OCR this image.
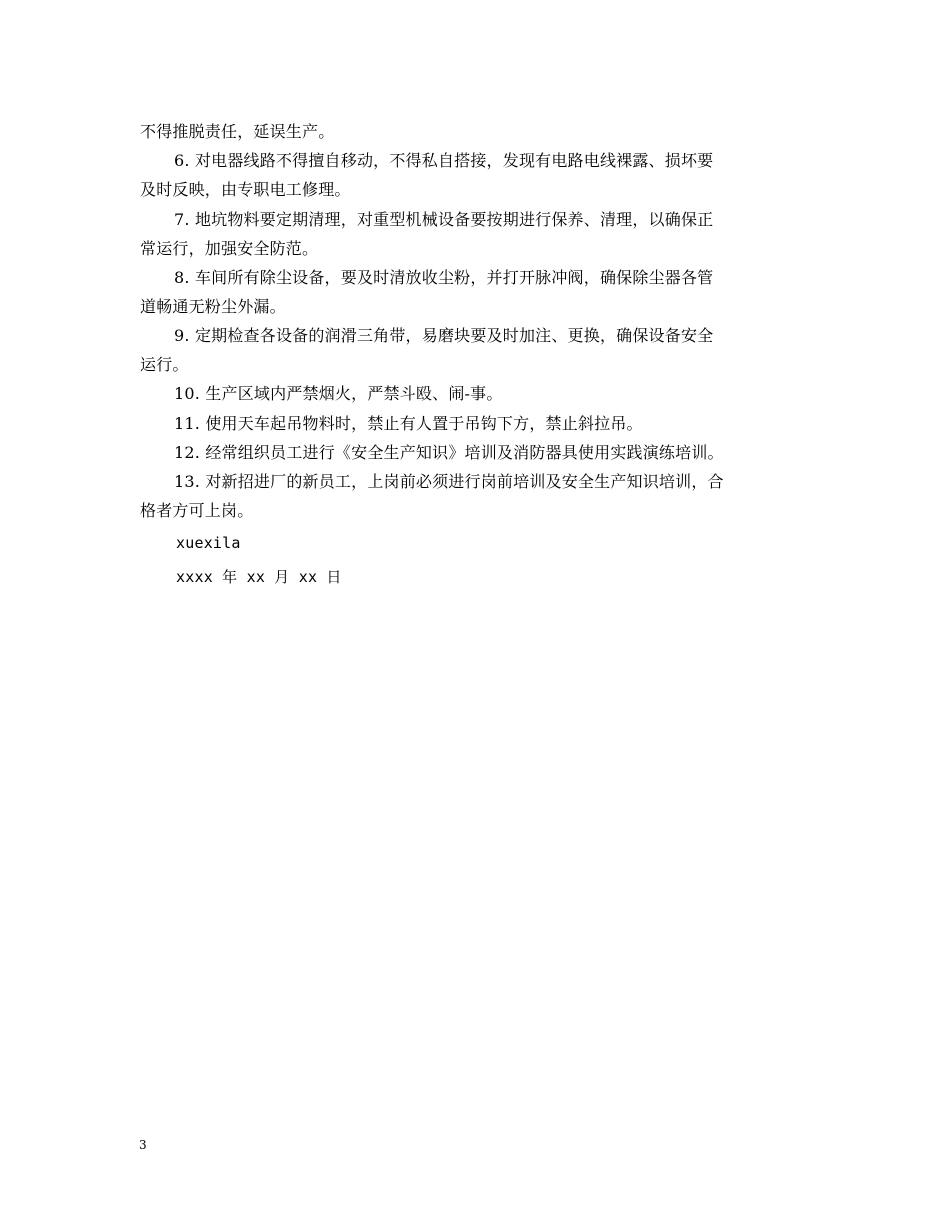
不得推脱责任，延误生产。

6. 对电器线路不得擅自移动，不得私自搭接，发现有电路电线裸露、损坏要
及时反映，由专职电工修理。

7. 地坑物料要定期清理，对重型机械设备要按期进行保养、清理，以确保正
常运行，加强安全防范。

8. 车间所有除尘设备，要及时清放收尘粉，并打开脉冲阀，确保除尘器各管
道畅通无粉尘外漏。

9. 定期检查各设备的润滑三角带，易磨块要及时加注、更换，确保设备安全
运行。

10. 生产区域内严禁烟火，严禁斗殴、闹-事。

11. 使用天车起吊物料时，禁止有人置于吊钩下方，禁止斜拉吊。

12. 经常组织员工进行《安全生产知识》培训及消防器具使用实践演练培训。

13. 对新招进厂的新员工，上岗前必须进行岗前培训及安全生产知识培训，合
格者方可上岗。

xuexila

xxxx 年 xx 月 xx 日

3
